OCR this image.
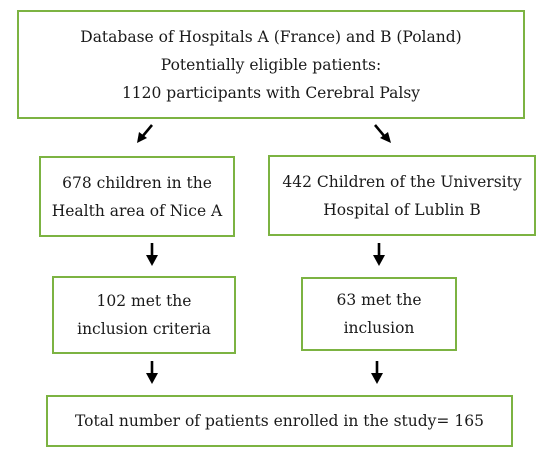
Database of Hospitals A (France) and B (Poland)
Potentially eligible patients:
1120 participants with Cerebral Palsy
678 children in the
Health area of Nice A
442 Children of the University
Hospital of Lublin B
102 met the
inclusion criteria
63 met the
inclusion
Total number of patients enrolled in the study= 165
